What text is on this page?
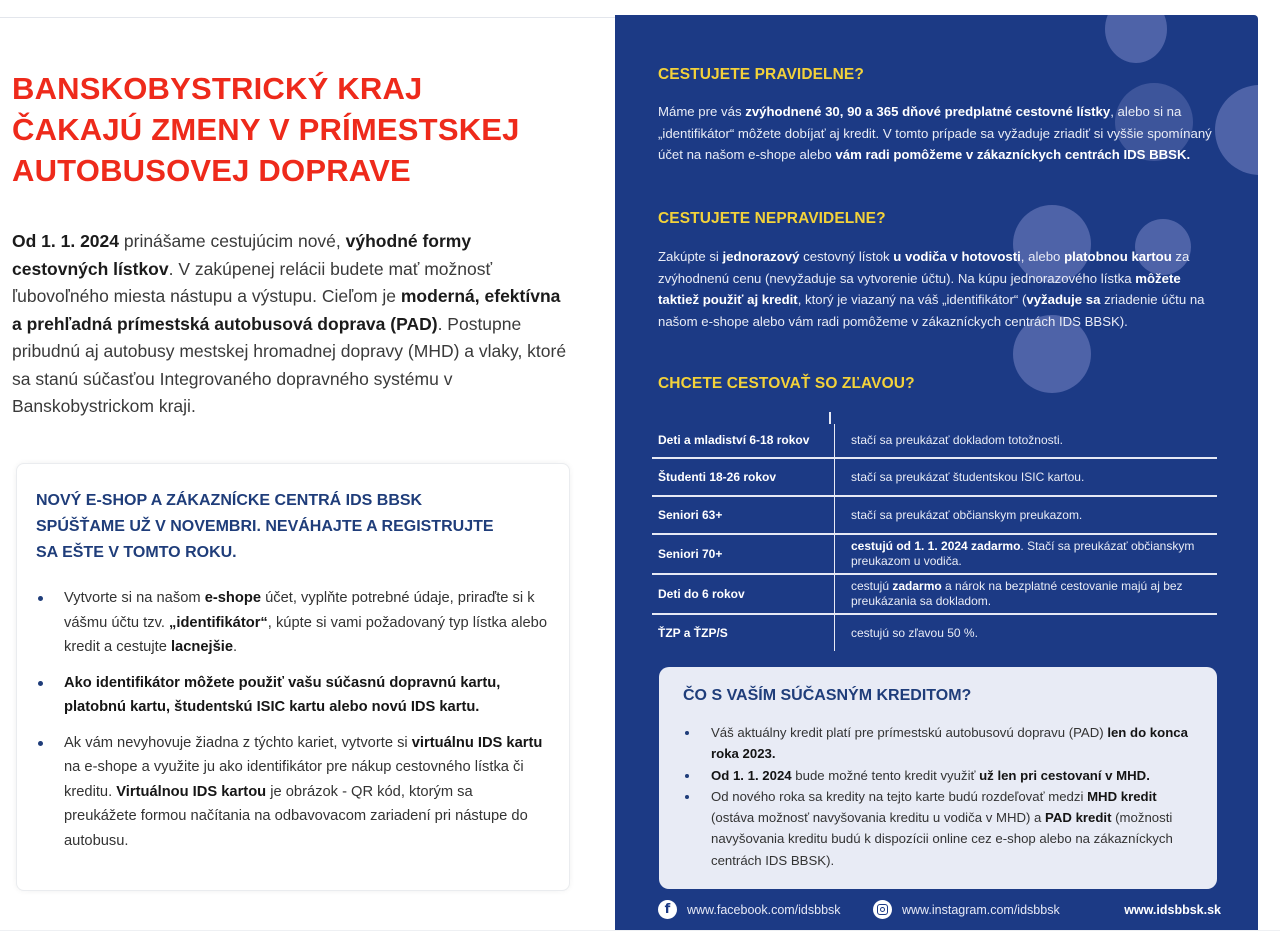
BANSKOBYSTRICKÝ KRAJ
ČAKAJÚ ZMENY V PRÍMESTSKEJ
AUTOBUSOVEJ DOPRAVE

Od 1. 1. 2024 prinášame cestujúcim nové, výhodné formy cestovných lístkov. V zakúpenej relácii budete mať možnosť ľubovoľného miesta nástupu a výstupu. Cieľom je moderná, efektívna a prehľadná prímestská autobusová doprava (PAD). Postupne pribudnú aj autobusy mestskej hromadnej dopravy (MHD) a vlaky, ktoré sa stanú súčasťou Integrovaného dopravného systému v Banskobystrickom kraji.

NOVÝ E-SHOP A ZÁKAZNÍCKE CENTRÁ IDS BBSK
SPÚŠŤAME UŽ V NOVEMBRI. NEVÁHAJTE A REGISTRUJTE
SA EŠTE V TOMTO ROKU.
Vytvorte si na našom e-shope účet, vyplňte potrebné údaje, priraďte si k vášmu účtu tzv. „identifikátor“, kúpte si vami požadovaný typ lístka alebo kredit a cestujte lacnejšie.
Ako identifikátor môžete použiť vašu súčasnú dopravnú kartu, platobnú kartu, študentskú ISIC kartu alebo novú IDS kartu.
Ak vám nevyhovuje žiadna z týchto kariet, vytvorte si virtuálnu IDS kartu na e-shope a využite ju ako identifikátor pre nákup cestovného lístka či kreditu. Virtuálnou IDS kartou je obrázok - QR kód, ktorým sa preukážete formou načítania na odbavovacom zariadení pri nástupe do autobusu.
CESTUJETE PRAVIDELNE?

Máme pre vás zvýhodnené 30, 90 a 365 dňové predplatné cestovné lístky, alebo si na „identifikátor“ môžete dobíjať aj kredit. V tomto prípade sa vyžaduje zriadiť si vyššie spomínaný účet na našom e-shope alebo vám radi pomôžeme v zákazníckych centrách IDS BBSK.

CESTUJETE NEPRAVIDELNE?

Zakúpte si jednorazový cestovný lístok u vodiča v hotovosti, alebo platobnou kartou za zvýhodnenú cenu (nevyžaduje sa vytvorenie účtu). Na kúpu jednorazového lístka môžete taktiež použiť aj kredit, ktorý je viazaný na váš „identifikátor“ (vyžaduje sa zriadenie účtu na našom e-shope alebo vám radi pomôžeme v zákazníckych centrách IDS BBSK).

CHCETE CESTOVAŤ SO ZĽAVOU?
Deti a mladiství 6-18 rokov	stačí sa preukázať dokladom totožnosti.
Študenti 18-26 rokov	stačí sa preukázať študentskou ISIC kartou.
Seniori 63+	stačí sa preukázať občianskym preukazom.
Seniori 70+	cestujú od 1. 1. 2024 zadarmo. Stačí sa preukázať občianskym preukazom u vodiča.
Deti do 6 rokov	cestujú zadarmo a nárok na bezplatné cestovanie majú aj bez preukázania sa dokladom.
ŤZP a ŤZP/S	cestujú so zľavou 50 %.
ČO S VAŠÍM SÚČASNÝM KREDITOM?
Váš aktuálny kredit platí pre prímestskú autobusovú dopravu (PAD) len do konca roka 2023.
Od 1. 1. 2024 bude možné tento kredit využiť už len pri cestovaní v MHD.
Od nového roka sa kredity na tejto karte budú rozdeľovať medzi MHD kredit (ostáva možnosť navyšovania kreditu u vodiča v MHD) a PAD kredit (možnosti navyšovania kreditu budú k dispozícii online cez e-shop alebo na zákazníckych centrách IDS BBSK).
f	www.facebook.com/idsbbsk	www.instagram.com/idsbbsk	www.idsbbsk.sk
